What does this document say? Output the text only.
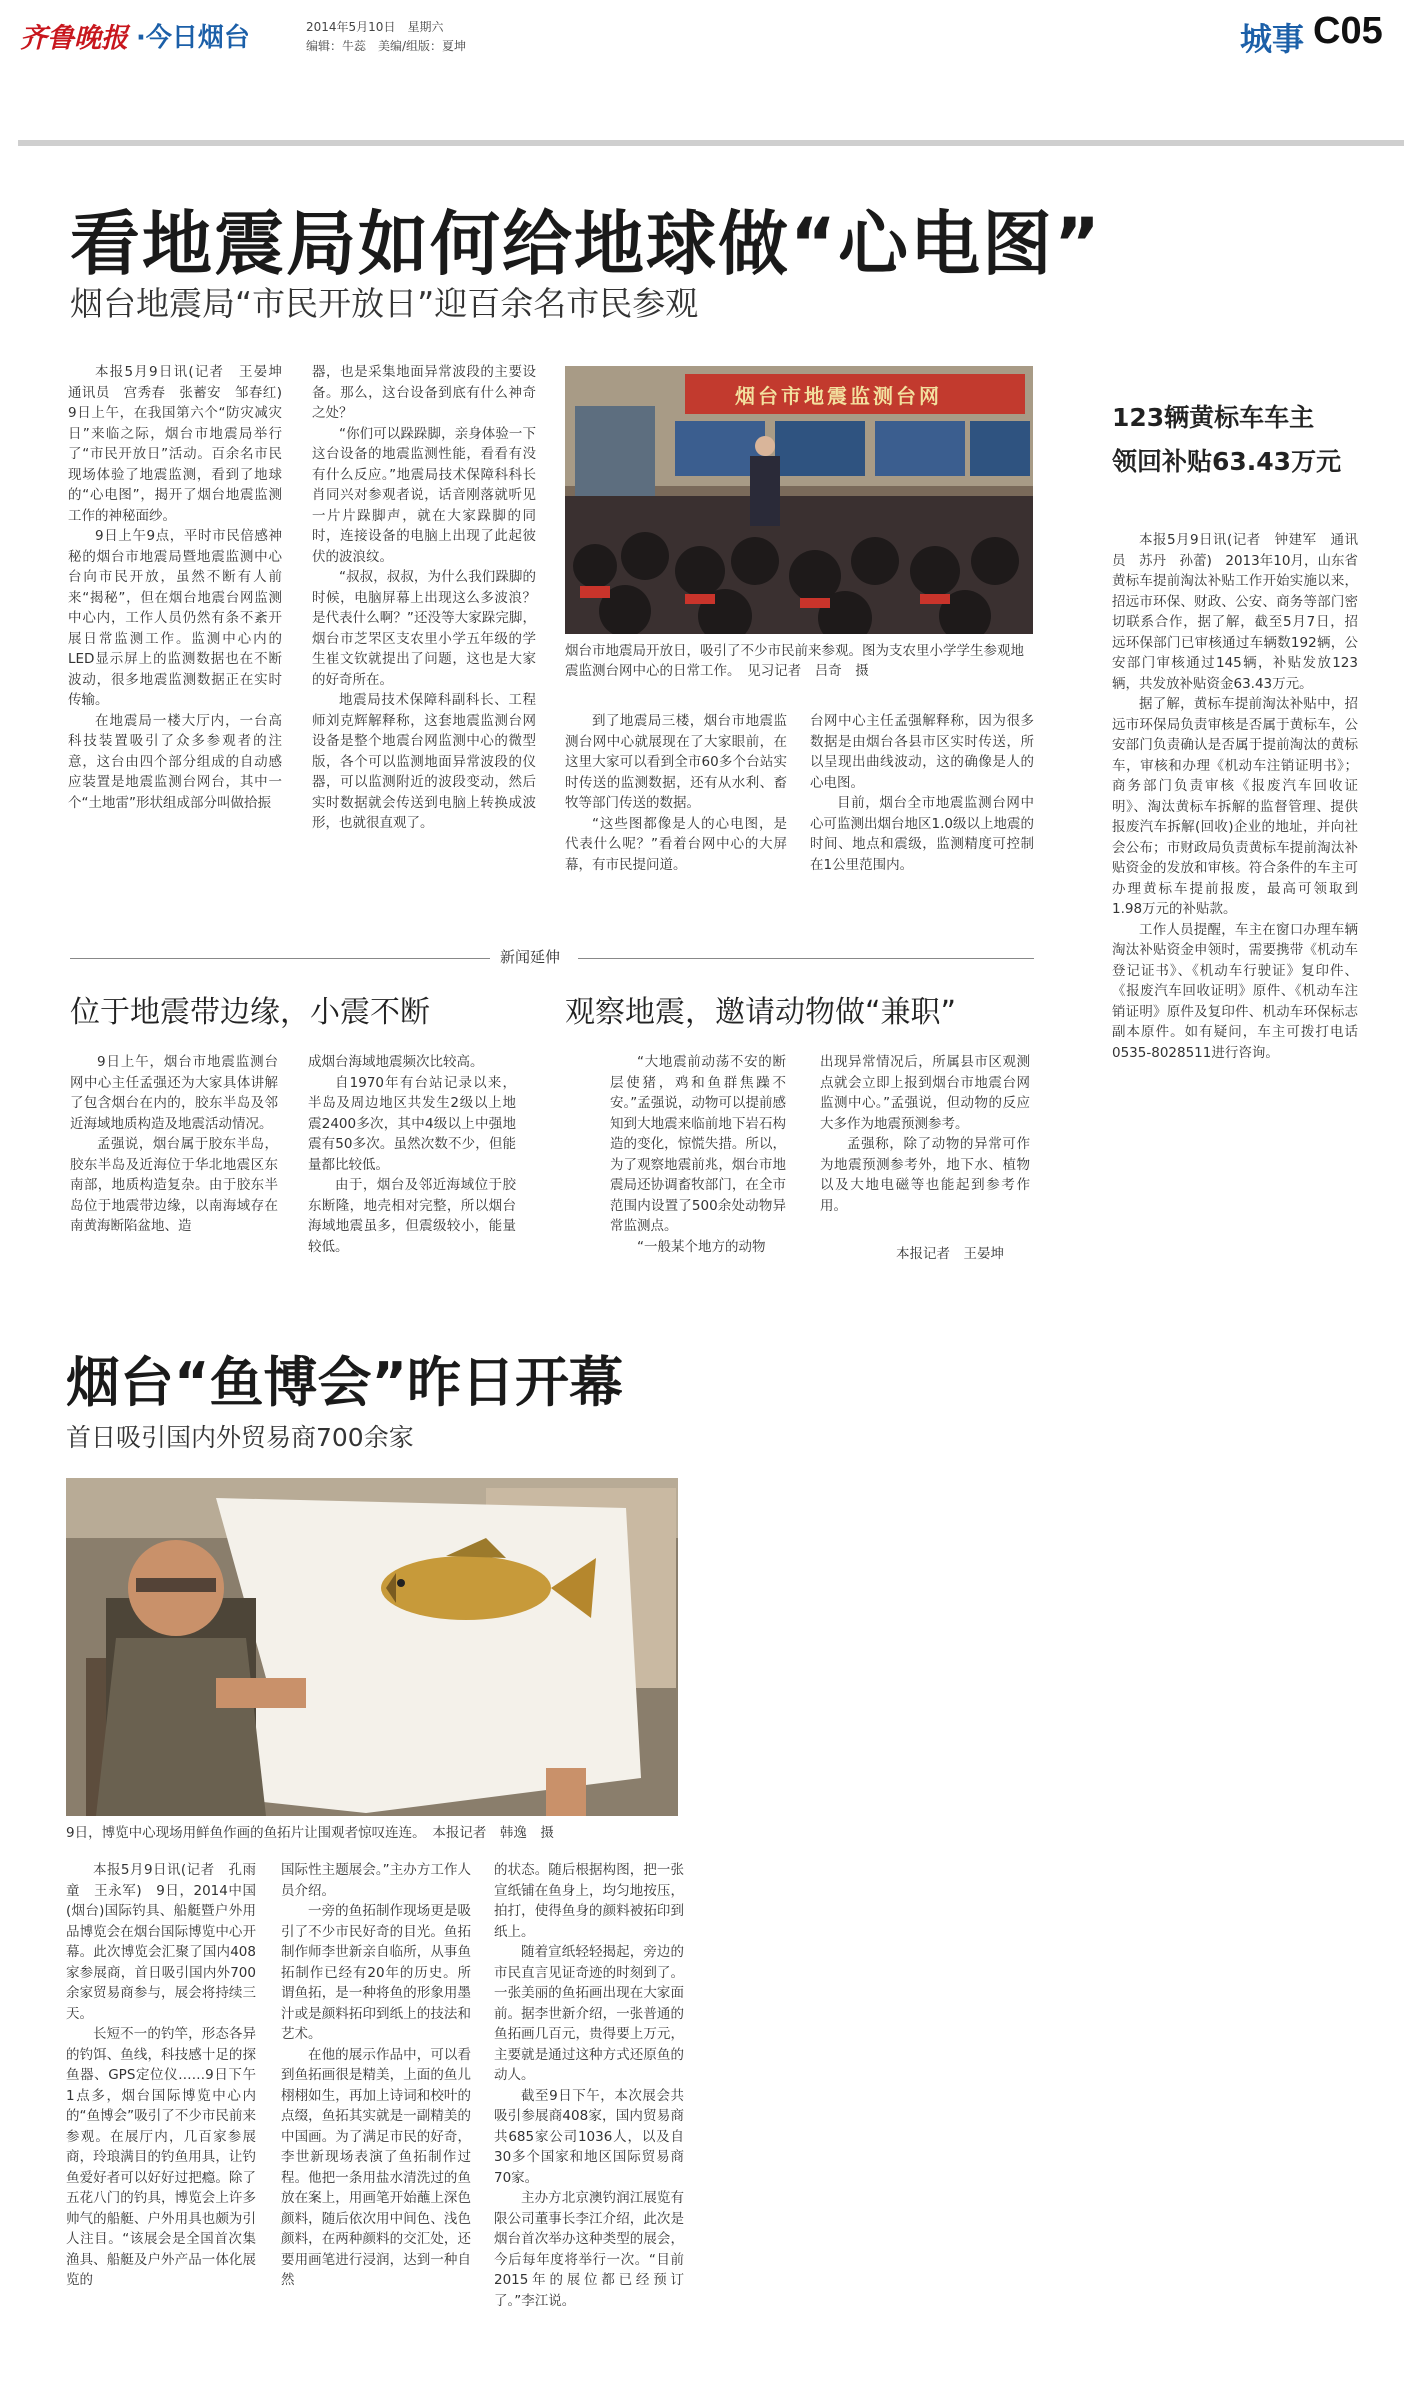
齐鲁晚报 ·今日烟台	2014年5月10日　星期六
编辑：牛蕊　美编/组版：夏坤	城事 C05
看地震局如何给地球做“心电图”
烟台地震局“市民开放日”迎百余名市民参观

本报5月9日讯(记者　王晏坤　通讯员　宫秀春　张蓄安　邹春红)　9日上午，在我国第六个“防灾减灾日”来临之际，烟台市地震局举行了“市民开放日”活动。百余名市民现场体验了地震监测，看到了地球的“心电图”，揭开了烟台地震监测工作的神秘面纱。

9日上午9点，平时市民倍感神秘的烟台市地震局暨地震监测中心台向市民开放，虽然不断有人前来“揭秘”，但在烟台地震台网监测中心内，工作人员仍然有条不紊开展日常监测工作。监测中心内的LED显示屏上的监测数据也在不断波动，很多地震监测数据正在实时传输。

在地震局一楼大厅内，一台高科技装置吸引了众多参观者的注意，这台由四个部分组成的自动感应装置是地震监测台网台，其中一个“土地雷”形状组成部分叫做拾振

器，也是采集地面异常波段的主要设备。那么，这台设备到底有什么神奇之处？

“你们可以跺跺脚，亲身体验一下这台设备的地震监测性能，看看有没有什么反应。”地震局技术保障科科长肖同兴对参观者说，话音刚落就听见一片片跺脚声，就在大家跺脚的同时，连接设备的电脑上出现了此起彼伏的波浪纹。

“叔叔，叔叔，为什么我们跺脚的时候，电脑屏幕上出现这么多波浪？是代表什么啊？”还没等大家跺完脚，烟台市芝罘区支农里小学五年级的学生崔文钦就提出了问题，这也是大家的好奇所在。

地震局技术保障科副科长、工程师刘克辉解释称，这套地震监测台网设备是整个地震台网监测中心的微型版，各个可以监测地面异常波段的仪器，可以监测附近的波段变动，然后实时数据就会传送到电脑上转换成波形，也就很直观了。

烟台市地震监测台网
烟台市地震局开放日，吸引了不少市民前来参观。图为支农里小学学生参观地震监测台网中心的日常工作。　见习记者　吕奇　摄

到了地震局三楼，烟台市地震监测台网中心就展现在了大家眼前，在这里大家可以看到全市60多个台站实时传送的监测数据，还有从水利、畜牧等部门传送的数据。

“这些图都像是人的心电图，是代表什么呢？”看着台网中心的大屏幕，有市民提问道。

台网中心主任孟强解释称，因为很多数据是由烟台各县市区实时传送，所以呈现出曲线波动，这的确像是人的心电图。

目前，烟台全市地震监测台网中心可监测出烟台地区1.0级以上地震的时间、地点和震级，监测精度可控制在1公里范围内。

123辆黄标车车主
领回补贴63.43万元

本报5月9日讯(记者　钟建军　通讯员　苏丹　孙蕾)　2013年10月，山东省黄标车提前淘汰补贴工作开始实施以来，招远市环保、财政、公安、商务等部门密切联系合作，据了解，截至5月7日，招远环保部门已审核通过车辆数192辆，公安部门审核通过145辆，补贴发放123辆，共发放补贴资金63.43万元。

据了解，黄标车提前淘汰补贴中，招远市环保局负责审核是否属于黄标车，公安部门负责确认是否属于提前淘汰的黄标车，审核和办理《机动车注销证明书》；商务部门负责审核《报废汽车回收证明》、淘汰黄标车拆解的监督管理、提供报废汽车拆解(回收)企业的地址，并向社会公布；市财政局负责黄标车提前淘汰补贴资金的发放和审核。符合条件的车主可办理黄标车提前报废，最高可领取到1.98万元的补贴款。

工作人员提醒，车主在窗口办理车辆淘汰补贴资金申领时，需要携带《机动车登记证书》、《机动车行驶证》复印件、《报废汽车回收证明》原件、《机动车注销证明》原件及复印件、机动车环保标志副本原件。如有疑问，车主可拨打电话0535-8028511进行咨询。

新闻延伸
位于地震带边缘，小震不断

9日上午，烟台市地震监测台网中心主任孟强还为大家具体讲解了包含烟台在内的，胶东半岛及邻近海域地质构造及地震活动情况。

孟强说，烟台属于胶东半岛，胶东半岛及近海位于华北地震区东南部，地质构造复杂。由于胶东半岛位于地震带边缘，以南海域存在南黄海断陷盆地、造

成烟台海域地震频次比较高。

自1970年有台站记录以来，半岛及周边地区共发生2级以上地震2400多次，其中4级以上中强地震有50多次。虽然次数不少，但能量都比较低。

由于，烟台及邻近海域位于胶东断隆，地壳相对完整，所以烟台海域地震虽多，但震级较小，能量较低。

观察地震，邀请动物做“兼职”

“大地震前动荡不安的断层使猪，鸡和鱼群焦躁不安。”孟强说，动物可以提前感知到大地震来临前地下岩石构造的变化，惊慌失措。所以，为了观察地震前兆，烟台市地震局还协调畜牧部门，在全市范围内设置了500余处动物异常监测点。

“一般某个地方的动物

出现异常情况后，所属县市区观测点就会立即上报到烟台市地震台网监测中心。”孟强说，但动物的反应大多作为地震预测参考。

孟强称，除了动物的异常可作为地震预测参考外，地下水、植物以及大地电磁等也能起到参考作用。

本报记者　王晏坤
烟台“鱼博会”昨日开幕
首日吸引国内外贸易商700余家
9日，博览中心现场用鲜鱼作画的鱼拓片让围观者惊叹连连。　本报记者　韩逸　摄

本报5月9日讯(记者　孔雨童　王永军)　9日，2014中国(烟台)国际钓具、船艇暨户外用品博览会在烟台国际博览中心开幕。此次博览会汇聚了国内408家参展商，首日吸引国内外700余家贸易商参与，展会将持续三天。

长短不一的钓竿，形态各异的钓饵、鱼线，科技感十足的探鱼器、GPS定位仪……9日下午1点多，烟台国际博览中心内的“鱼博会”吸引了不少市民前来参观。在展厅内，几百家参展商，玲琅满目的钓鱼用具，让钓鱼爱好者可以好好过把瘾。除了五花八门的钓具，博览会上许多帅气的船艇、户外用具也颇为引人注目。“该展会是全国首次集渔具、船艇及户外产品一体化展览的

国际性主题展会。”主办方工作人员介绍。

一旁的鱼拓制作现场更是吸引了不少市民好奇的目光。鱼拓制作师李世新亲自临所，从事鱼拓制作已经有20年的历史。所谓鱼拓，是一种将鱼的形象用墨汁或是颜料拓印到纸上的技法和艺术。

在他的展示作品中，可以看到鱼拓画很是精美，上面的鱼儿栩栩如生，再加上诗词和校叶的点缀，鱼拓其实就是一副精美的中国画。为了满足市民的好奇，李世新现场表演了鱼拓制作过程。他把一条用盐水清洗过的鱼放在案上，用画笔开始蘸上深色颜料，随后依次用中间色、浅色颜料，在两种颜料的交汇处，还要用画笔进行浸润，达到一种自然

的状态。随后根据构图，把一张宣纸铺在鱼身上，均匀地按压，拍打，使得鱼身的颜料被拓印到纸上。

随着宣纸轻轻揭起，旁边的市民直言见证奇迹的时刻到了。一张美丽的鱼拓画出现在大家面前。据李世新介绍，一张普通的鱼拓画几百元，贵得要上万元，主要就是通过这种方式还原鱼的动人。

截至9日下午，本次展会共吸引参展商408家，国内贸易商共685家公司1036人，以及自30多个国家和地区国际贸易商70家。

主办方北京澳钓润江展览有限公司董事长李江介绍，此次是烟台首次举办这种类型的展会，今后每年度将举行一次。“目前2015年的展位都已经预订了。”李江说。
